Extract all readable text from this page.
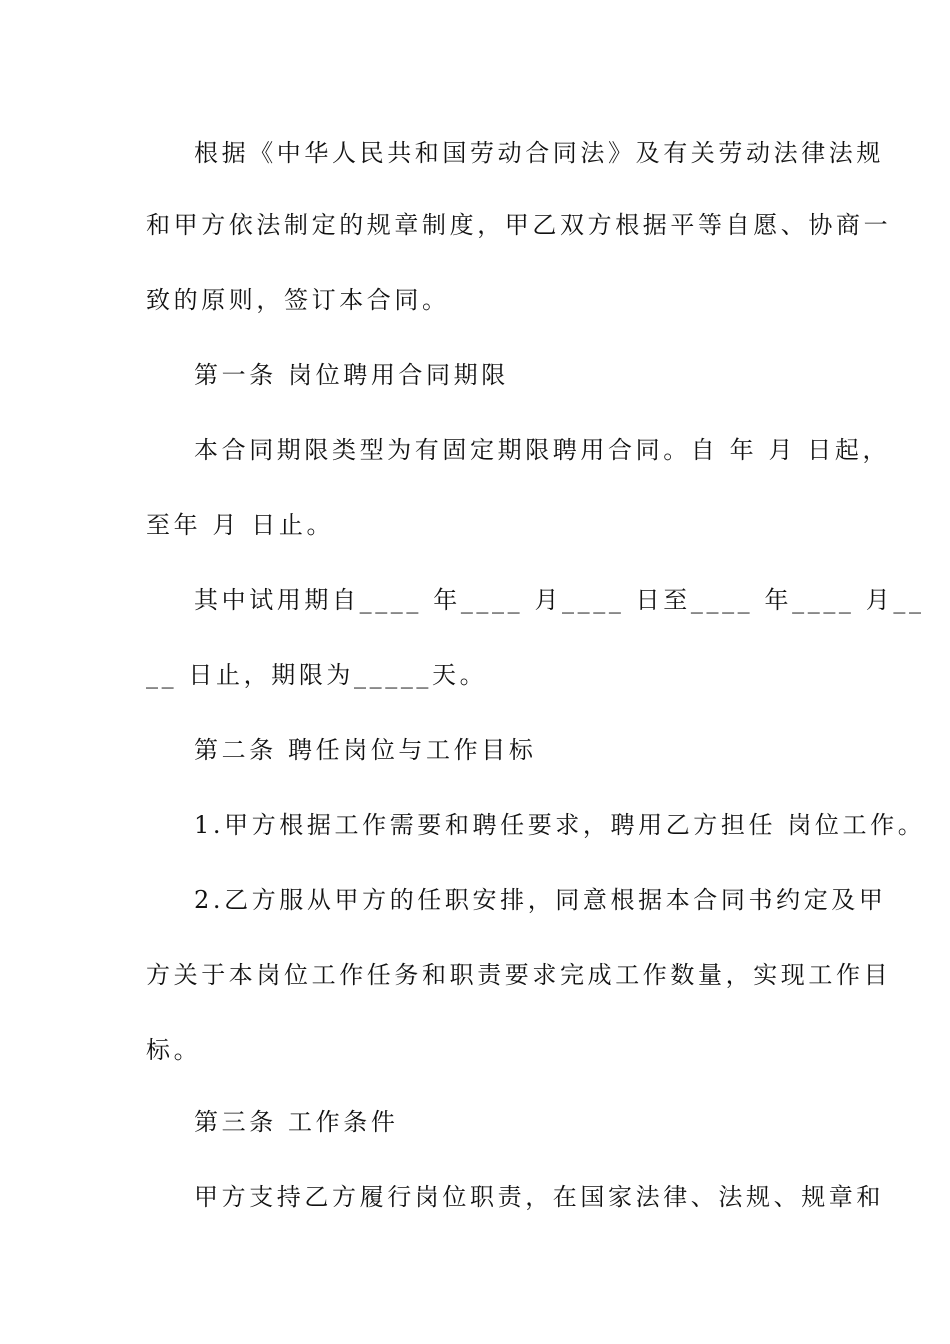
根据《中华人民共和国劳动合同法》及有关劳动法律法规
和甲方依法制定的规章制度，甲乙双方根据平等自愿、协商一
致的原则，签订本合同。
第一条 岗位聘用合同期限
本合同期限类型为有固定期限聘用合同。自 年 月 日起，
至年 月 日止。
其中试用期自____ 年____ 月____ 日至____ 年____ 月__
__ 日止，期限为_____天。
第二条 聘任岗位与工作目标
1.甲方根据工作需要和聘任要求，聘用乙方担任 岗位工作。
2.乙方服从甲方的任职安排，同意根据本合同书约定及甲
方关于本岗位工作任务和职责要求完成工作数量，实现工作目
标。
第三条 工作条件
甲方支持乙方履行岗位职责，在国家法律、法规、规章和
